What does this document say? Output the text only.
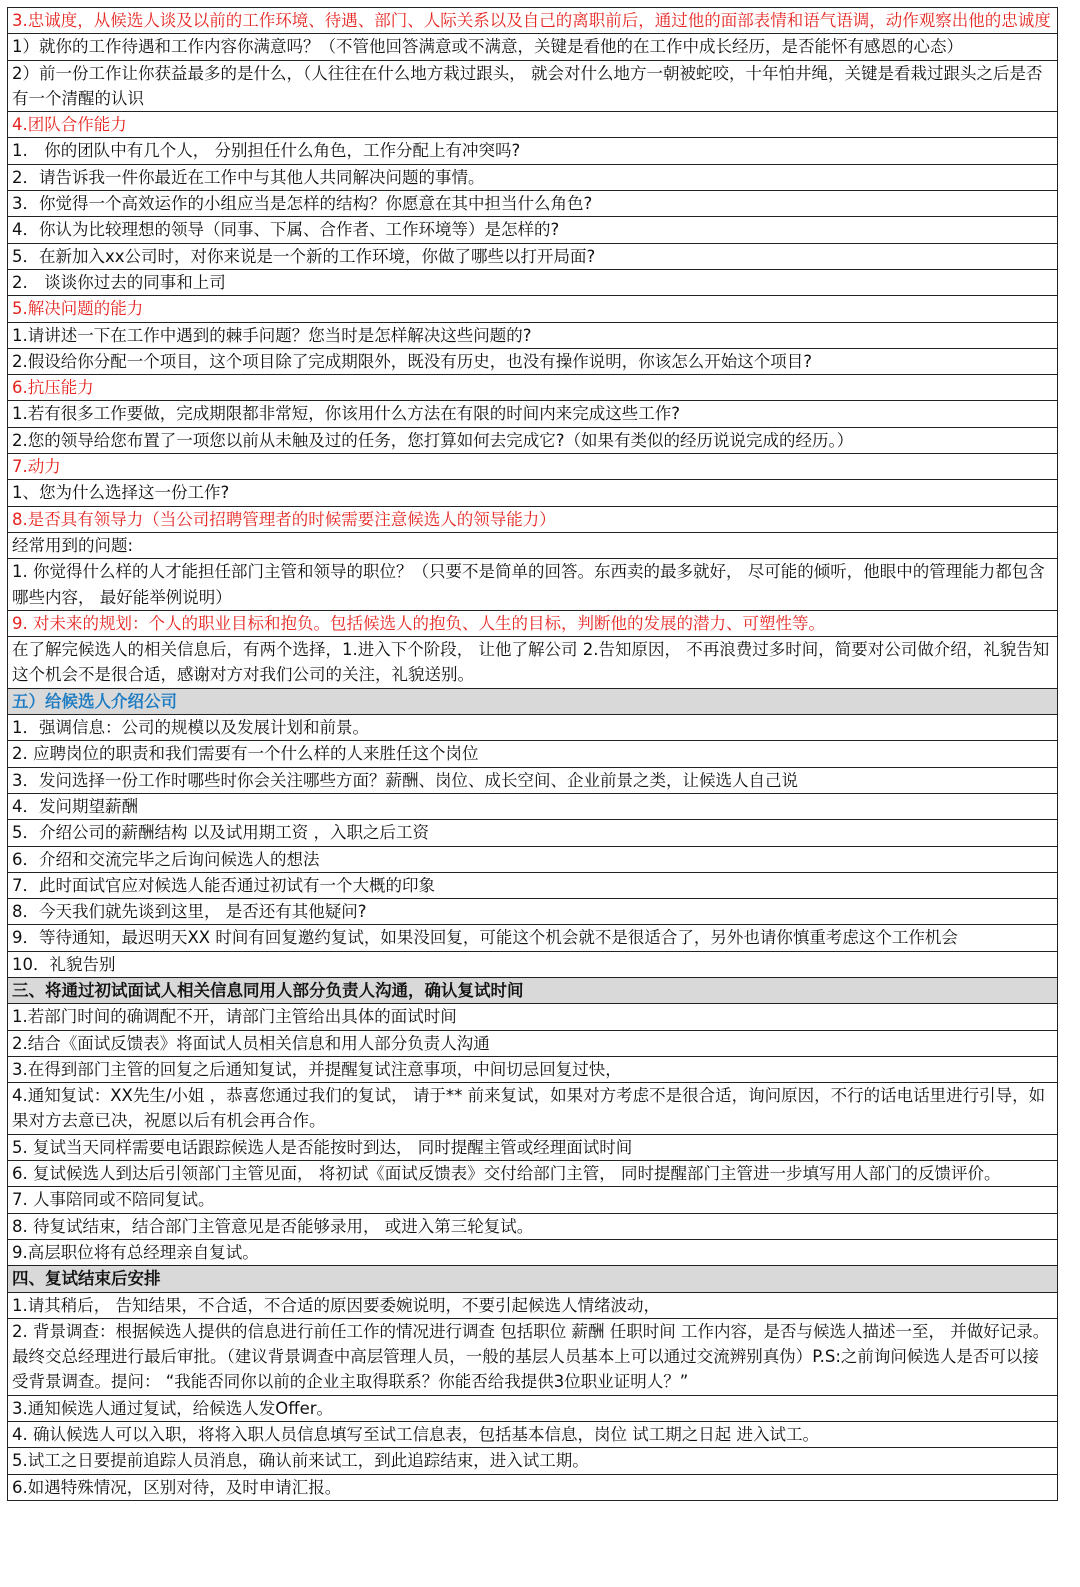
3.忠诚度，从候选人谈及以前的工作环境、待遇、部门、人际关系以及自己的离职前后，通过他的面部表情和语气语调，动作观察出他的忠诚度
1）就你的工作待遇和工作内容你满意吗？（不管他回答满意或不满意，关键是看他的在工作中成长经历，是否能怀有感恩的心态）
2）前一份工作让你获益最多的是什么，（人往往在什么地方栽过跟头， 就会对什么地方一朝被蛇咬，十年怕井绳，关键是看栽过跟头之后是否有一个清醒的认识
4.团队合作能力
1.　你的团队中有几个人， 分别担任什么角色，工作分配上有冲突吗?
2．请告诉我一件你最近在工作中与其他人共同解决问题的事情。
3．你觉得一个高效运作的小组应当是怎样的结构？你愿意在其中担当什么角色?
4．你认为比较理想的领导（同事、下属、合作者、工作环境等）是怎样的?
5．在新加入xx公司时，对你来说是一个新的工作环境，你做了哪些以打开局面?
2.　谈谈你过去的同事和上司
5.解决问题的能力
1.请讲述一下在工作中遇到的棘手问题？您当时是怎样解决这些问题的?
2.假设给你分配一个项目，这个项目除了完成期限外，既没有历史，也没有操作说明，你该怎么开始这个项目?
6.抗压能力
1.若有很多工作要做，完成期限都非常短，你该用什么方法在有限的时间内来完成这些工作?
2.您的领导给您布置了一项您以前从未触及过的任务，您打算如何去完成它?（如果有类似的经历说说完成的经历。）
7.动力
1、您为什么选择这一份工作?
8.是否具有领导力（当公司招聘管理者的时候需要注意候选人的领导能力）
经常用到的问题:
1. 你觉得什么样的人才能担任部门主管和领导的职位？（只要不是简单的回答。东西卖的最多就好， 尽可能的倾听，他眼中的管理能力都包含哪些内容， 最好能举例说明）
9. 对未来的规划：个人的职业目标和抱负。包括候选人的抱负、人生的目标，判断他的发展的潜力、可塑性等。
在了解完候选人的相关信息后，有两个选择，1.进入下个阶段， 让他了解公司 2.告知原因， 不再浪费过多时间，简要对公司做介绍，礼貌告知这个机会不是很合适，感谢对方对我们公司的关注，礼貌送别。
五）给候选人介绍公司
1．强调信息：公司的规模以及发展计划和前景。
2. 应聘岗位的职责和我们需要有一个什么样的人来胜任这个岗位
3．发问选择一份工作时哪些时你会关注哪些方面？薪酬、岗位、成长空间、企业前景之类，让候选人自己说
4．发问期望薪酬
5．介绍公司的薪酬结构 以及试用期工资 ，入职之后工资
6．介绍和交流完毕之后询问候选人的想法
7．此时面试官应对候选人能否通过初试有一个大概的印象
8．今天我们就先谈到这里， 是否还有其他疑问?
9．等待通知，最迟明天XX 时间有回复邀约复试，如果没回复，可能这个机会就不是很适合了，另外也请你慎重考虑这个工作机会
10．礼貌告别
三、将通过初试面试人相关信息同用人部分负责人沟通，确认复试时间
1.若部门时间的确调配不开，请部门主管给出具体的面试时间
2.结合《面试反馈表》将面试人员相关信息和用人部分负责人沟通
3.在得到部门主管的回复之后通知复试，并提醒复试注意事项，中间切忌回复过快，
4.通知复试：XX先生/小姐 ，恭喜您通过我们的复试， 请于** 前来复试，如果对方考虑不是很合适，询问原因，不行的话电话里进行引导，如果对方去意已决，祝愿以后有机会再合作。
5. 复试当天同样需要电话跟踪候选人是否能按时到达， 同时提醒主管或经理面试时间
6. 复试候选人到达后引领部门主管见面， 将初试《面试反馈表》交付给部门主管， 同时提醒部门主管进一步填写用人部门的反馈评价。
7. 人事陪同或不陪同复试。
8. 待复试结束，结合部门主管意见是否能够录用， 或进入第三轮复试。
9.高层职位将有总经理亲自复试。
四、复试结束后安排
1.请其稍后， 告知结果，不合适，不合适的原因要委婉说明，不要引起候选人情绪波动，
2. 背景调查：根据候选人提供的信息进行前任工作的情况进行调查 包括职位 薪酬 任职时间 工作内容，是否与候选人描述一至， 并做好记录。最终交总经理进行最后审批。（建议背景调查中高层管理人员，一般的基层人员基本上可以通过交流辨别真伪）P.S:之前询问候选人是否可以接受背景调查。提问： “我能否同你以前的企业主取得联系？你能否给我提供3位职业证明人？”
3.通知候选人通过复试，给候选人发Offer。
4. 确认候选人可以入职，将将入职人员信息填写至试工信息表，包括基本信息，岗位 试工期之日起 进入试工。
5.试工之日要提前追踪人员消息，确认前来试工，到此追踪结束，进入试工期。
6.如遇特殊情况，区别对待，及时申请汇报。
